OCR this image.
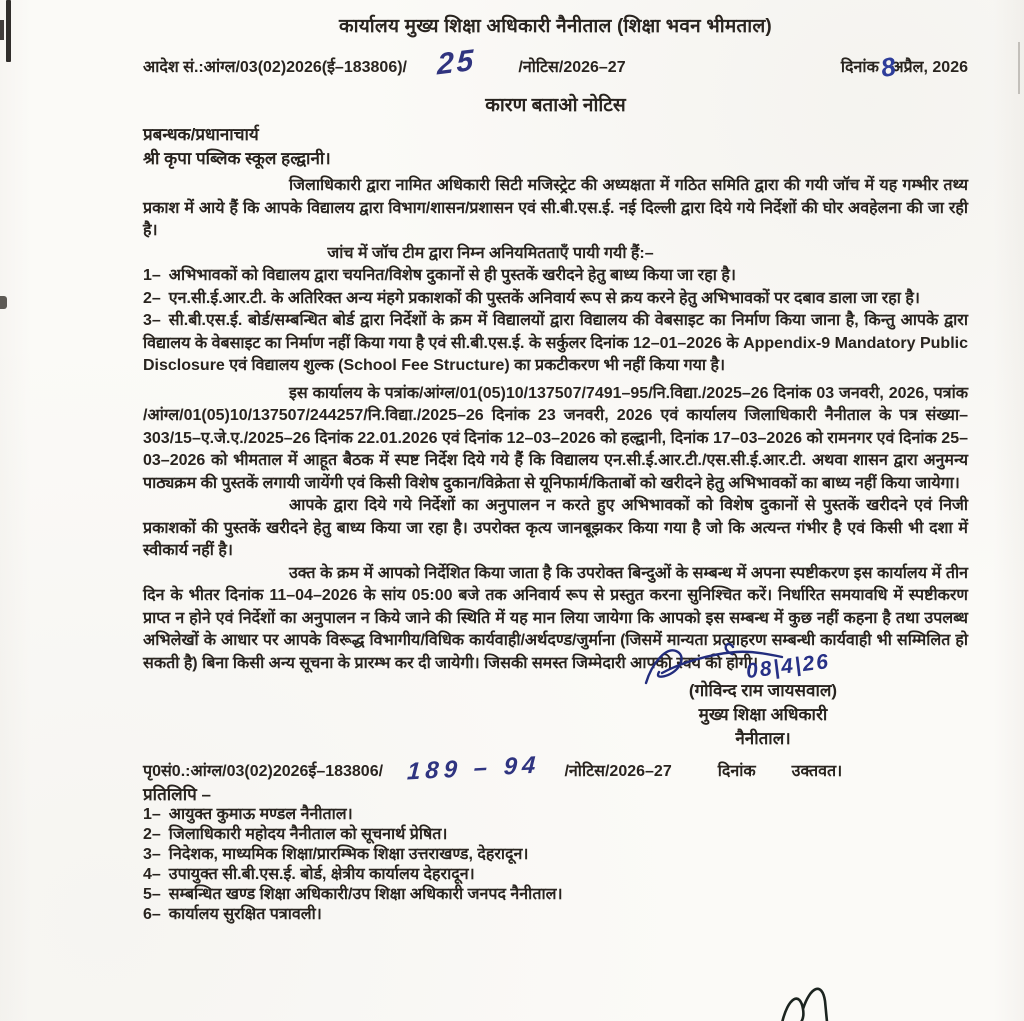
कार्यालय मुख्य शिक्षा अधिकारी नैनीताल (शिक्षा भवन भीमताल)

आदेश सं.:आंग्ल/03(02)2026(ई–183806)/ 25	/नोटिस/2026–27	दिनांक 8
अप्रैल, 2026

कारण बताओ नोटिस

प्रबन्धक/प्रधानाचार्य
श्री कृपा पब्लिक स्कूल हल्द्वानी।

जिलाधिकारी द्वारा नामित अधिकारी सिटी मजिस्ट्रेट की अध्यक्षता में गठित समिति द्वारा की गयी जॉच में यह गम्भीर तथ्य प्रकाश में आये हैं कि आपके विद्यालय द्वारा विभाग/शासन/प्रशासन एवं सी.बी.एस.ई. नई दिल्ली द्वारा दिये गये निर्देशों की घोर अवहेलना की जा रही है।

जांच में जॉच टीम द्वारा निम्न अनियमितताएँ पायी गयी हैं:–

1– अभिभावकों को विद्यालय द्वारा चयनित/विशेष दुकानों से ही पुस्तकें खरीदने हेतु बाध्य किया जा रहा है।

2– एन.सी.ई.आर.टी. के अतिरिक्त अन्य मंहगे प्रकाशकों की पुस्तकें अनिवार्य रूप से क्रय करने हेतु अभिभावकों पर दबाव डाला जा रहा है।

3– सी.बी.एस.ई. बोर्ड/सम्बन्धित बोर्ड द्वारा निर्देशों के क्रम में विद्यालयों द्वारा विद्यालय की वेबसाइट का निर्माण किया जाना है, किन्तु आपके द्वारा विद्यालय के वेबसाइट का निर्माण नहीं किया गया है एवं सी.बी.एस.ई. के सर्कुलर दिनांक 12–01–2026 के Appendix-9 Mandatory Public Disclosure एवं विद्यालय शुल्क (School Fee Structure) का प्रकटीकरण भी नहीं किया गया है।

इस कार्यालय के पत्रांक/आंग्ल/01(05)10/137507/7491–95/नि.विद्या./2025–26 दिनांक 03 जनवरी, 2026, पत्रांक /आंग्ल/01(05)10/137507/244257/नि.विद्या./2025–26 दिनांक 23 जनवरी, 2026 एवं कार्यालय जिलाधिकारी नैनीताल के पत्र संख्या–303/15–ए.जे.ए./2025–26 दिनांक 22.01.2026 एवं दिनांक 12–03–2026 को हल्द्वानी, दिनांक 17–03–2026 को रामनगर एवं दिनांक 25–03–2026 को भीमताल में आहूत बैठक में स्पष्ट निर्देश दिये गये हैं कि विद्यालय एन.सी.ई.आर.टी./एस.सी.ई.आर.टी. अथवा शासन द्वारा अनुमन्य पाठ्यक्रम की पुस्तकें लगायी जायेंगी एवं किसी विशेष दुकान/विक्रेता से यूनिफार्म/किताबों को खरीदने हेतु अभिभावकों का बाध्य नहीं किया जायेगा।

आपके द्वारा दिये गये निर्देशों का अनुपालन न करते हुए अभिभावकों को विशेष दुकानों से पुस्तकें खरीदने एवं निजी प्रकाशकों की पुस्तकें खरीदने हेतु बाध्य किया जा रहा है। उपरोक्त कृत्य जानबूझकर किया गया है जो कि अत्यन्त गंभीर है एवं किसी भी दशा में स्वीकार्य नहीं है।

उक्त के क्रम में आपको निर्देशित किया जाता है कि उपरोक्त बिन्दुओं के सम्बन्ध में अपना स्पष्टीकरण इस कार्यालय में तीन दिन के भीतर दिनांक 11–04–2026 के सांय 05:00 बजे तक अनिवार्य रूप से प्रस्तुत करना सुनिश्चित करें। निर्धारित समयावधि में स्पष्टीकरण प्राप्त न होने एवं निर्देशों का अनुपालन न किये जाने की स्थिति में यह मान लिया जायेगा कि आपको इस सम्बन्ध में कुछ नहीं कहना है तथा उपलब्ध अभिलेखों के आधार पर आपके विरूद्ध विभागीय/विधिक कार्यवाही/अर्थदण्ड/जुर्माना (जिसमें मान्यता प्रत्याहरण सम्बन्धी कार्यवाही भी सम्मिलित हो सकती है) बिना किसी अन्य सूचना के प्रारम्भ कर दी जायेगी। जिसकी समस्त जिम्मेदारी आपकी स्वयं की होगी।

08|4|26
(गोविन्द राम जायसवाल)
मुख्य शिक्षा अधिकारी
नैनीताल।
पृ0सं0.:आंग्ल/03(02)2026ई–183806/ 189 – 94 /नोटिस/2026–27	दिनांक उक्तवत।
प्रतिलिपि –

1– आयुक्त कुमाऊ मण्डल नैनीताल।

2– जिलाधिकारी महोदय नैनीताल को सूचनार्थ प्रेषित।

3– निदेशक, माध्यमिक शिक्षा/प्रारम्भिक शिक्षा उत्तराखण्ड, देहरादून।

4– उपायुक्त सी.बी.एस.ई. बोर्ड, क्षेत्रीय कार्यालय देहरादून।

5– सम्बन्धित खण्ड शिक्षा अधिकारी/उप शिक्षा अधिकारी जनपद नैनीताल।

6– कार्यालय सुरक्षित पत्रावली।
